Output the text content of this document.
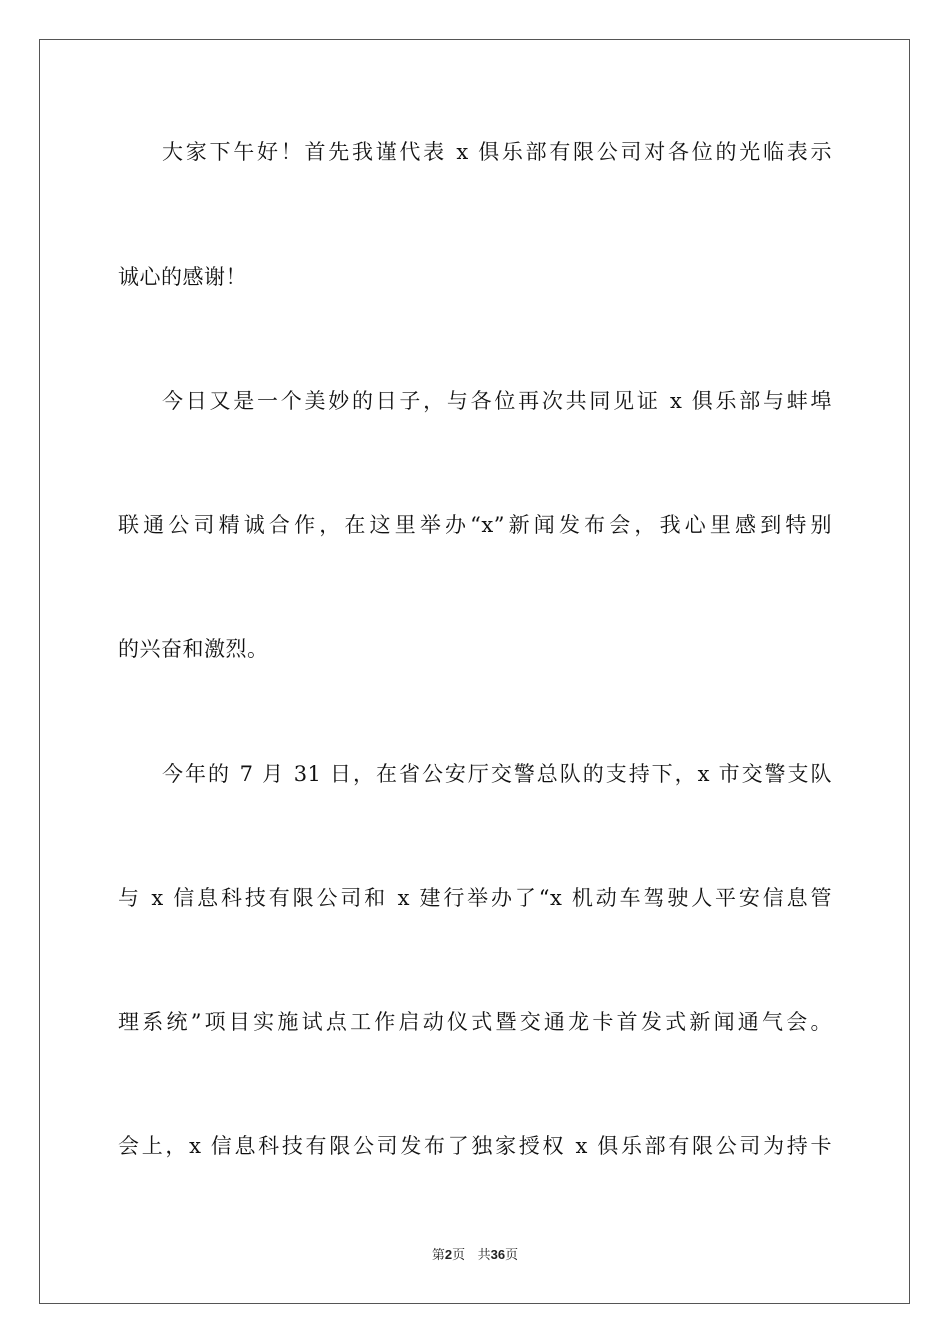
大家下午好！首先我谨代表 x 俱乐部有限公司对各位的光临表示
诚心的感谢！
今日又是一个美妙的日子，与各位再次共同见证 x 俱乐部与蚌埠
联通公司精诚合作，在这里举办“x”新闻发布会，我心里感到特别
的兴奋和激烈。
今年的 7 月 31 日，在省公安厅交警总队的支持下，x 市交警支队
与 x 信息科技有限公司和 x 建行举办了“x 机动车驾驶人平安信息管
理系统”项目实施试点工作启动仪式暨交通龙卡首发式新闻通气会。
会上，x 信息科技有限公司发布了独家授权 x 俱乐部有限公司为持卡
第2页 共36页
